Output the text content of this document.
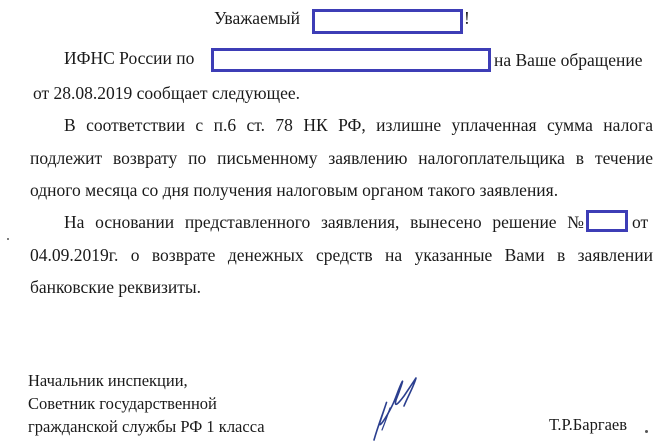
Уважаемый	!
ИФНС России по	на Ваше обращение
от 28.08.2019 сообщает следующее.
В соответствии с п.6 ст. 78 НК РФ, излишне уплаченная сумма налога
подлежит возврату по письменному заявлению налогоплательщика в течение
одного месяца со дня получения налоговым органом такого заявления.
На основании представленного заявления, вынесено решение №	от
04.09.2019г. о возврате денежных средств на указанные Вами в заявлении
банковские реквизиты.
Начальник инспекции,
Советник государственной
гражданской службы РФ 1 класса	Т.Р.Баргаев
